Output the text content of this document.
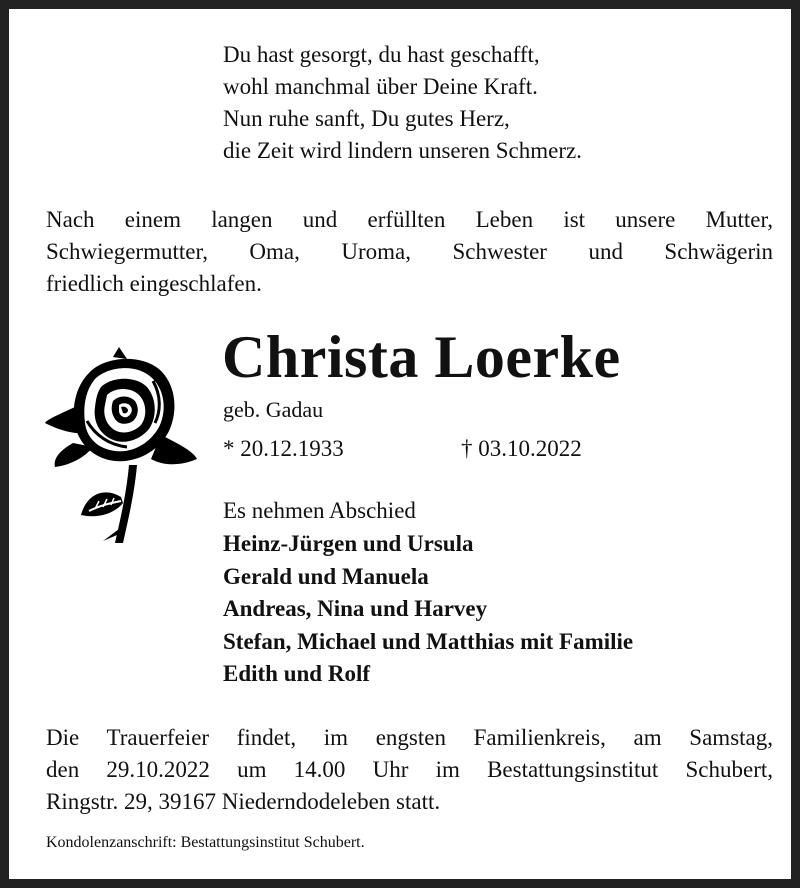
Du hast gesorgt, du hast geschafft,
wohl manchmal über Deine Kraft.
Nun ruhe sanft, Du gutes Herz,
die Zeit wird lindern unseren Schmerz.
Nach einem langen und erfüllten Leben ist unsere Mutter,
Schwiegermutter, Oma, Uroma, Schwester und Schwägerin
friedlich eingeschlafen.
Christa Loerke
geb. Gadau
* 20.12.1933	† 03.10.2022
Es nehmen Abschied
Heinz-Jürgen und Ursula
Gerald und Manuela
Andreas, Nina und Harvey
Stefan, Michael und Matthias mit Familie
Edith und Rolf
Die Trauerfeier findet, im engsten Familienkreis, am Samstag,
den 29.10.2022 um 14.00 Uhr im Bestattungsinstitut Schubert,
Ringstr. 29, 39167 Niederndodeleben statt.
Kondolenzanschrift: Bestattungsinstitut Schubert.
